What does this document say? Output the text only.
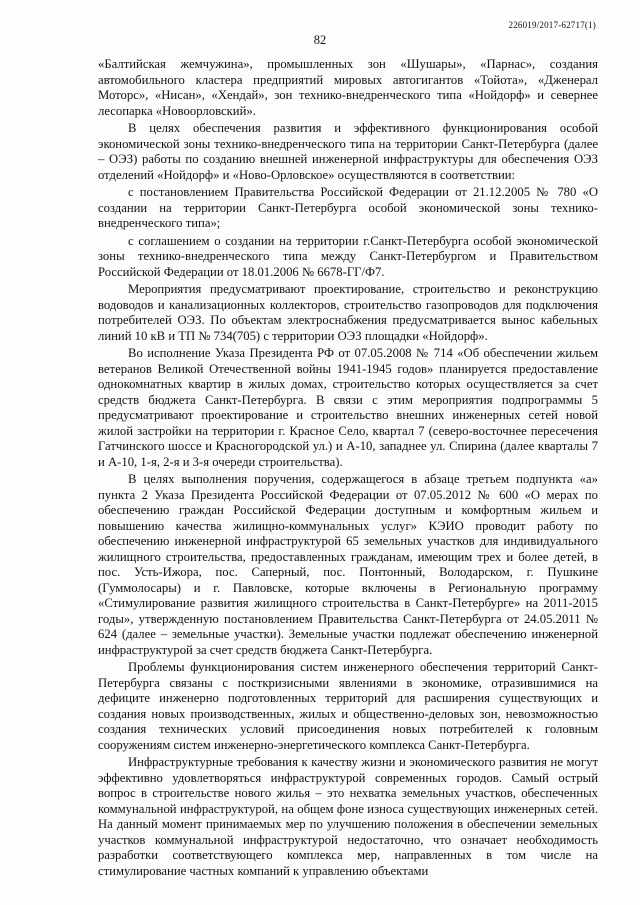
226019/2017-62717(1)
82

«Балтийская жемчужина», промышленных зон «Шушары», «Парнас», создания автомобильного кластера предприятий мировых автогигантов «Тойота», «Дженерал Моторс», «Нисан», «Хендай», зон технико-внедренческого типа «Нойдорф» и севернее лесопарка «Новоорловский».

В целях обеспечения развития и эффективного функционирования особой экономической зоны технико-внедренческого типа на территории Санкт-Петербурга (далее – ОЭЗ) работы по созданию внешней инженерной инфраструктуры для обеспечения ОЭЗ отделений «Нойдорф» и «Ново-Орловское» осуществляются в соответствии:

с постановлением Правительства Российской Федерации от 21.12.2005 № 780 «О создании на территории Санкт-Петербурга особой экономической зоны технико-внедренческого типа»;

с соглашением о создании на территории г.Санкт-Петербурга особой экономической зоны технико-внедренческого типа между Санкт-Петербургом и Правительством Российской Федерации от 18.01.2006 № 6678-ГГ/Ф7.

Мероприятия предусматривают проектирование, строительство и реконструкцию водоводов и канализационных коллекторов, строительство газопроводов для подключения потребителей ОЭЗ. По объектам электроснабжения предусматривается вынос кабельных линий 10 кВ и ТП № 734(705) с территории ОЭЗ площадки «Нойдорф».

Во исполнение Указа Президента РФ от 07.05.2008 № 714 «Об обеспечении жильем ветеранов Великой Отечественной войны 1941-1945 годов» планируется предоставление однокомнатных квартир в жилых домах, строительство которых осуществляется за счет средств бюджета Санкт-Петербурга. В связи с этим мероприятия подпрограммы 5 предусматривают проектирование и строительство внешних инженерных сетей новой жилой застройки на территории г. Красное Село, квартал 7 (северо-восточнее пересечения Гатчинского шоссе и Красногородской ул.) и А-10, западнее ул. Спирина (далее кварталы 7 и А-10, 1-я, 2-я и 3-я очереди строительства).

В целях выполнения поручения, содержащегося в абзаце третьем подпункта «а» пункта 2 Указа Президента Российской Федерации от 07.05.2012 № 600 «О мерах по обеспечению граждан Российской Федерации доступным и комфортным жильем и повышению качества жилищно-коммунальных услуг» КЭИО проводит работу по обеспечению инженерной инфраструктурой 65 земельных участков для индивидуального жилищного строительства, предоставленных гражданам, имеющим трех и более детей, в пос. Усть-Ижора, пос. Саперный, пос. Понтонный, Володарском, г. Пушкине (Гуммолосары) и г. Павловске, которые включены в Региональную программу «Стимулирование развития жилищного строительства в Санкт-Петербурге» на 2011-2015 годы», утвержденную постановлением Правительства Санкт-Петербурга от 24.05.2011 № 624 (далее – земельные участки). Земельные участки подлежат обеспечению инженерной инфраструктурой за счет средств бюджета Санкт-Петербурга.

Проблемы функционирования систем инженерного обеспечения территорий Санкт-Петербурга связаны с посткризисными явлениями в экономике, отразившимися на дефиците инженерно подготовленных территорий для расширения существующих и создания новых производственных, жилых и общественно-деловых зон, невозможностью создания технических условий присоединения новых потребителей к головным сооружениям систем инженерно-энергетического комплекса Санкт-Петербурга.

Инфраструктурные требования к качеству жизни и экономического развития не могут эффективно удовлетворяться инфраструктурой современных городов. Самый острый вопрос в строительстве нового жилья – это нехватка земельных участков, обеспеченных коммунальной инфраструктурой, на общем фоне износа существующих инженерных сетей. На данный момент принимаемых мер по улучшению положения в обеспечении земельных участков коммунальной инфраструктурой недостаточно, что означает необходимость разработки соответствующего комплекса мер, направленных в том числе на стимулирование частных компаний к управлению объектами
